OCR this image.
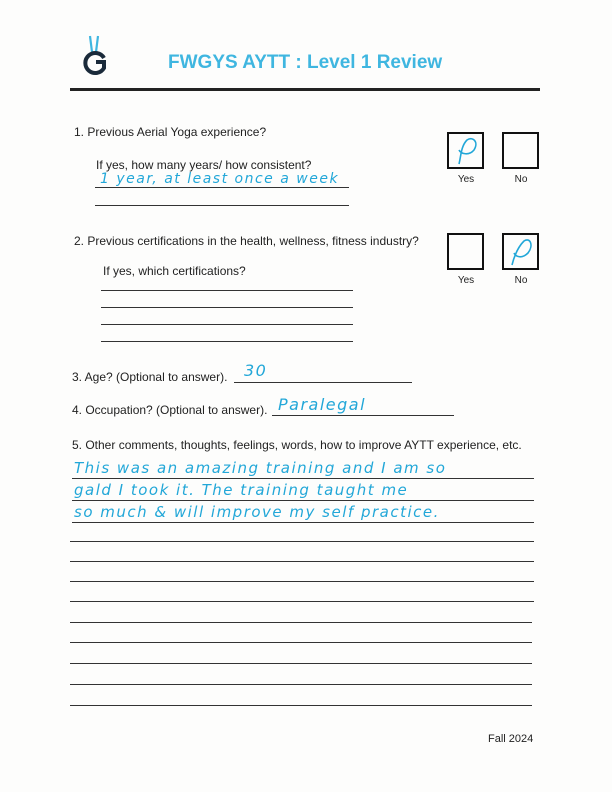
FWGYS AYTT : Level 1 Review
1. Previous Aerial Yoga experience?
If yes, how many years/ how consistent?
1 year, at least once a week	Yes	No
2. Previous certifications in the health, wellness, fitness industry?
If yes, which certifications?
Yes	No
3. Age? (Optional to answer). 30
4. Occupation? (Optional to answer). Paralegal
5. Other comments, thoughts, feelings, words, how to improve AYTT experience, etc.
This was an amazing training and I am so
gald I took it. The training taught me
so much & will improve my self practice.
Fall 2024
